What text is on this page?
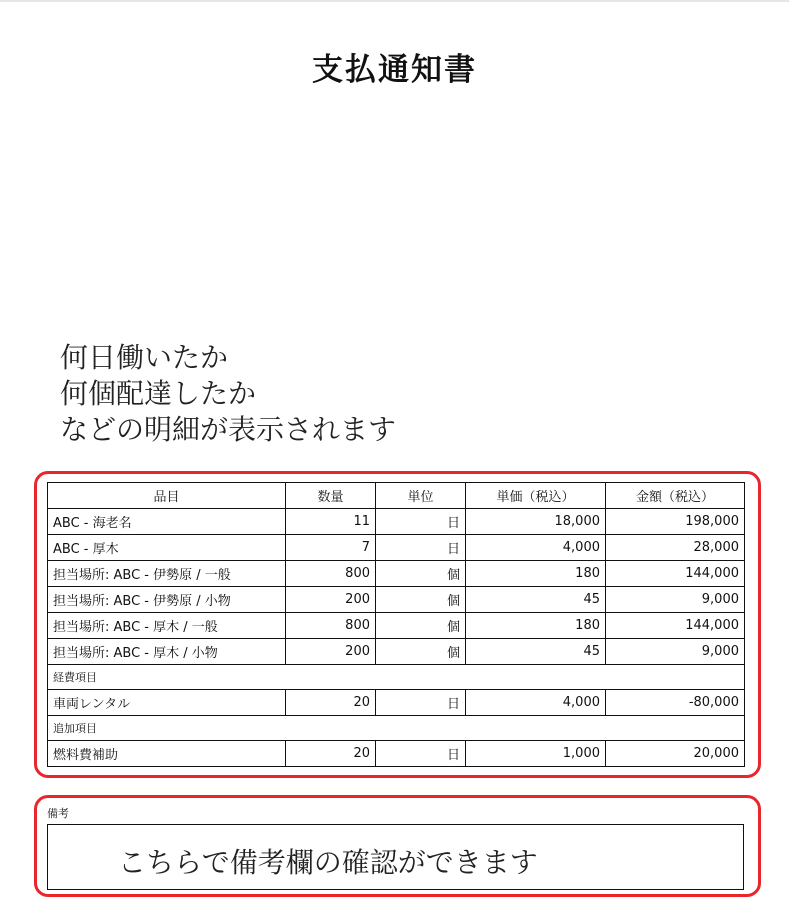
支払通知書
何日働いたか
何個配達したか
などの明細が表示されます
品目	数量	単位	単価（税込）	金額（税込）
ABC - 海老名	11	日	18,000	198,000
ABC - 厚木	7	日	4,000	28,000
担当場所: ABC - 伊勢原 / 一般	800	個	180	144,000
担当場所: ABC - 伊勢原 / 小物	200	個	45	9,000
担当場所: ABC - 厚木 / 一般	800	個	180	144,000
担当場所: ABC - 厚木 / 小物	200	個	45	9,000
経費項目				
車両レンタル	20	日	4,000	-80,000
追加項目				
燃料費補助	20	日	1,000	20,000
備考
こちらで備考欄の確認ができます
